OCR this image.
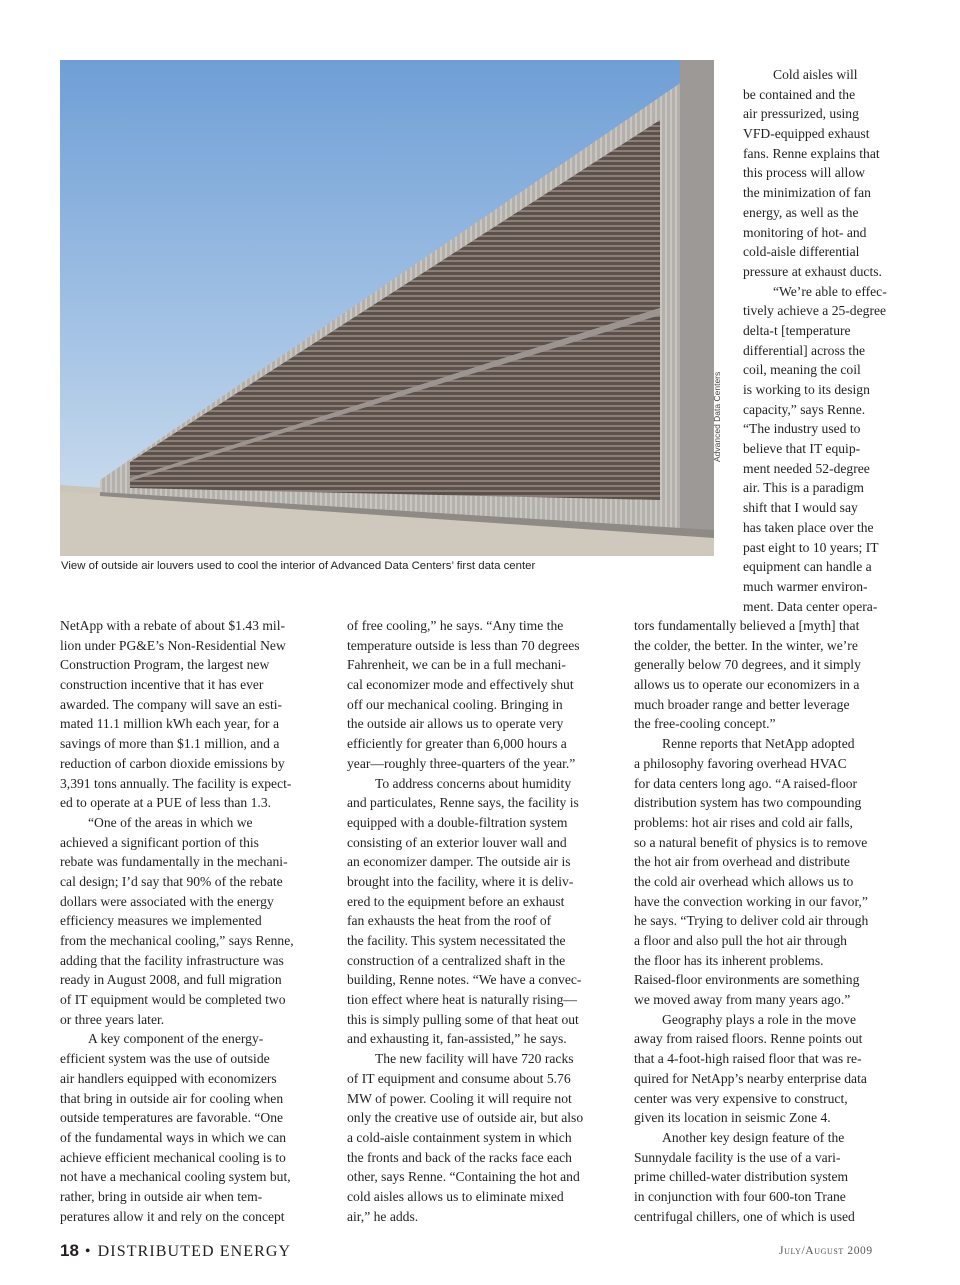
Advanced Data Centers
View of outside air louvers used to cool the interior of Advanced Data Centers’ first data center
Cold aisles will
be contained and the
air pressurized, using
VFD-equipped exhaust
fans. Renne explains that
this process will allow
the minimization of fan
energy, as well as the
monitoring of hot- and
cold-aisle differential
pressure at exhaust ducts.
“We’re able to effec-
tively achieve a 25-degree
delta-t [temperature
differential] across the
coil, meaning the coil
is working to its design
capacity,” says Renne.
“The industry used to
believe that IT equip-
ment needed 52-degree
air. This is a paradigm
shift that I would say
has taken place over the
past eight to 10 years; IT
equipment can handle a
much warmer environ-
ment. Data center opera-
NetApp with a rebate of about $1.43 mil-
lion under PG&E’s Non-Residential New
Construction Program, the largest new
construction incentive that it has ever
awarded. The company will save an esti-
mated 11.1 million kWh each year, for a
savings of more than $1.1 million, and a
reduction of carbon dioxide emissions by
3,391 tons annually. The facility is expect-
ed to operate at a PUE of less than 1.3.
“One of the areas in which we
achieved a significant portion of this
rebate was fundamentally in the mechani-
cal design; I’d say that 90% of the rebate
dollars were associated with the energy
efficiency measures we implemented
from the mechanical cooling,” says Renne,
adding that the facility infrastructure was
ready in August 2008, and full migration
of IT equipment would be completed two
or three years later.
A key component of the energy-
efficient system was the use of outside
air handlers equipped with economizers
that bring in outside air for cooling when
outside temperatures are favorable. “One
of the fundamental ways in which we can
achieve efficient mechanical cooling is to
not have a mechanical cooling system but,
rather, bring in outside air when tem-
peratures allow it and rely on the concept
of free cooling,” he says. “Any time the
temperature outside is less than 70 degrees
Fahrenheit, we can be in a full mechani-
cal economizer mode and effectively shut
off our mechanical cooling. Bringing in
the outside air allows us to operate very
efficiently for greater than 6,000 hours a
year—roughly three-quarters of the year.”
To address concerns about humidity
and particulates, Renne says, the facility is
equipped with a double-filtration system
consisting of an exterior louver wall and
an economizer damper. The outside air is
brought into the facility, where it is deliv-
ered to the equipment before an exhaust
fan exhausts the heat from the roof of
the facility. This system necessitated the
construction of a centralized shaft in the
building, Renne notes. “We have a convec-
tion effect where heat is naturally rising—
this is simply pulling some of that heat out
and exhausting it, fan-assisted,” he says.
The new facility will have 720 racks
of IT equipment and consume about 5.76
MW of power. Cooling it will require not
only the creative use of outside air, but also
a cold-aisle containment system in which
the fronts and back of the racks face each
other, says Renne. “Containing the hot and
cold aisles allows us to eliminate mixed
air,” he adds.
tors fundamentally believed a [myth] that
the colder, the better. In the winter, we’re
generally below 70 degrees, and it simply
allows us to operate our economizers in a
much broader range and better leverage
the free-cooling concept.”
Renne reports that NetApp adopted
a philosophy favoring overhead HVAC
for data centers long ago. “A raised-floor
distribution system has two compounding
problems: hot air rises and cold air falls,
so a natural benefit of physics is to remove
the hot air from overhead and distribute
the cold air overhead which allows us to
have the convection working in our favor,”
he says. “Trying to deliver cold air through
a floor and also pull the hot air through
the floor has its inherent problems.
Raised-floor environments are something
we moved away from many years ago.”
Geography plays a role in the move
away from raised floors. Renne points out
that a 4-foot-high raised floor that was re-
quired for NetApp’s nearby enterprise data
center was very expensive to construct,
given its location in seismic Zone 4.
Another key design feature of the
Sunnydale facility is the use of a vari-
prime chilled-water distribution system
in conjunction with four 600-ton Trane
centrifugal chillers, one of which is used
18 • DISTRIBUTED ENERGY	July/August 2009
